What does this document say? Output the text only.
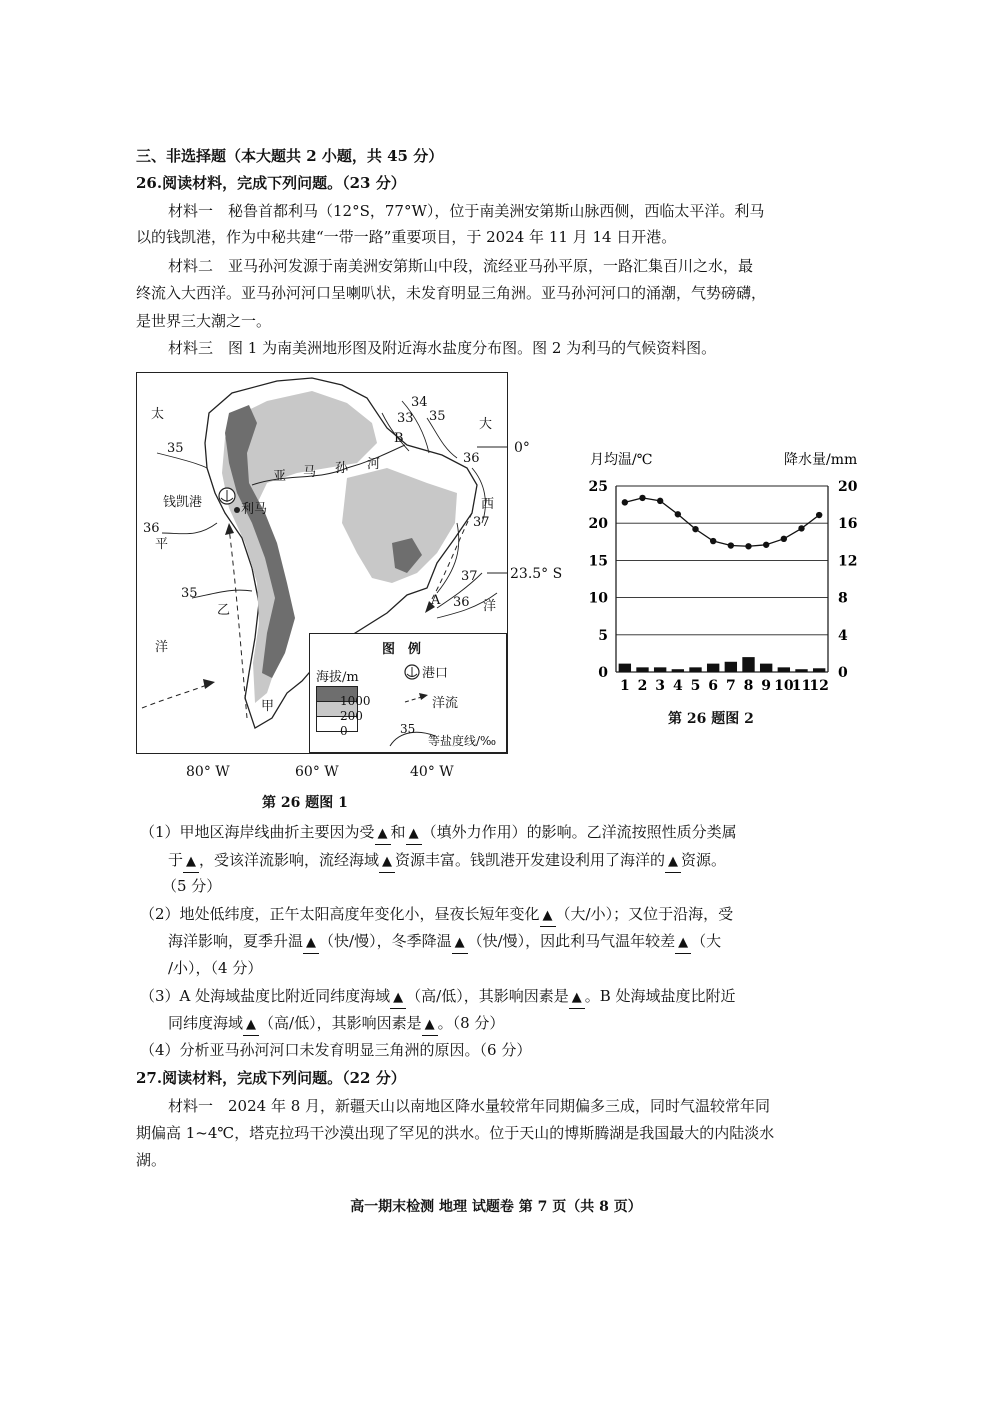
三、非选择题（本大题共 2 小题，共 45 分）
26.阅读材料，完成下列问题。（23 分）
材料一　秘鲁首都利马（12°S，77°W），位于南美洲安第斯山脉西侧，西临太平洋。利马
以的钱凯港，作为中秘共建“一带一路”重要项目，于 2024 年 11 月 14 日开港。
材料二　亚马孙河发源于南美洲安第斯山中段，流经亚马孙平原，一路汇集百川之水，最
终流入大西洋。亚马孙河河口呈喇叭状，未发育明显三角洲。亚马孙河河口的涌潮，气势磅礴，
是世界三大潮之一。
材料三　图 1 为南美洲地形图及附近海水盐度分布图。图 2 为利马的气候资料图。
太
35
36
平
35
乙
洋
钱凯港	利马
亚 马 孙 河
B
33
34
35
大
36
西
37
37
A 36 洋
甲
图　例
海拔/m
1000
200
0
港口
洋流
35
等盐度线/‰
0°
23.5° S
80° W	60° W	40° W
第 26 题图 1
月均温/℃	降水量/mm
0
5
10
15
20
25
0
4
8
12
16
20
1 2 3 4 5 6 7 8 9 10
11
12
第 26 题图 2
（1）甲地区海岸线曲折主要因为受 ▲ 和 ▲ （填外力作用）的影响。乙洋流按照性质分类属
于 ▲ ，受该洋流影响，流经海域 ▲ 资源丰富。钱凯港开发建设利用了海洋的 ▲ 资源。
（5 分）
（2）地处低纬度，正午太阳高度年变化小，昼夜长短年变化 ▲ （大/小）；又位于沿海，受
海洋影响，夏季升温 ▲ （快/慢），冬季降温 ▲ （快/慢），因此利马气温年较差 ▲ （大
/小），（4 分）
（3）A 处海域盐度比附近同纬度海域 ▲ （高/低），其影响因素是 ▲ 。B 处海域盐度比附近
同纬度海域 ▲ （高/低），其影响因素是 ▲ 。（8 分）
（4）分析亚马孙河河口未发育明显三角洲的原因。（6 分）
27.阅读材料，完成下列问题。（22 分）
材料一　2024 年 8 月，新疆天山以南地区降水量较常年同期偏多三成，同时气温较常年同
期偏高 1~4℃，塔克拉玛干沙漠出现了罕见的洪水。位于天山的博斯腾湖是我国最大的内陆淡水
湖。
高一期末检测 地理 试题卷 第 7 页（共 8 页）
